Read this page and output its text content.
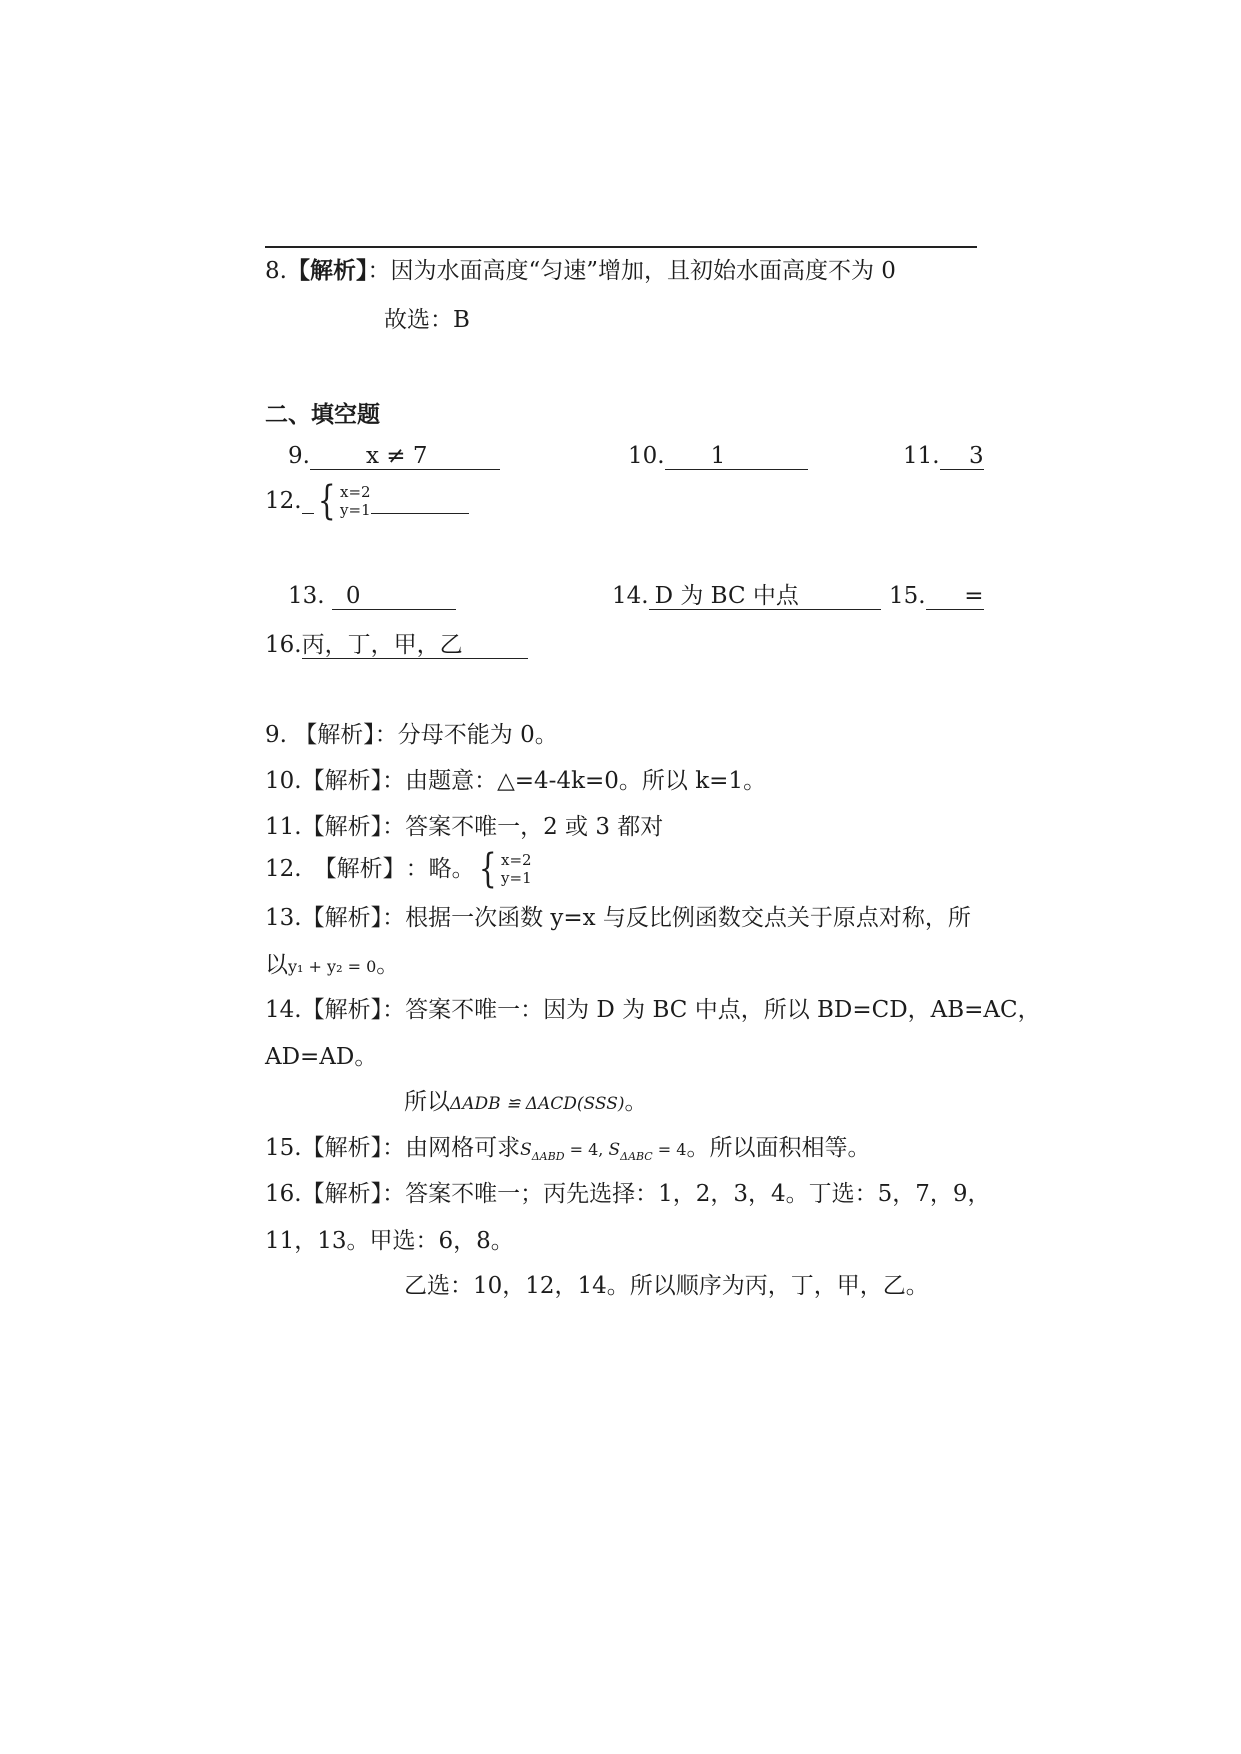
8.【解析】：因为水面高度“匀速”增加，且初始水面高度不为 0
故选：B
二、填空题
9. x ≠ 7	10. 1	11. 3
12. { x=2
y=1
13. 0	14. D 为 BC 中点	15. =
16.丙，丁，甲，乙
9. 【解析】：分母不能为 0。
10.【解析】：由题意：△=4-4k=0。所以 k=1。
11.【解析】：答案不唯一，2 或 3 都对
12. 【解析】 ：略。 { x=2
y=1
13.【解析】：根据一次函数 y=x 与反比例函数交点关于原点对称，所
以y₁ + y₂ = 0。
14.【解析】：答案不唯一：因为 D 为 BC 中点，所以 BD=CD，AB=AC，
AD=AD。
所以ΔADB ≌ ΔACD(SSS)。
15.【解析】：由网格可求$S_{\Delta ABD} = 4$, $S_{\Delta ABC} = 4$。所以面积相等。
16.【解析】：答案不唯一；丙先选择：1，2，3，4。丁选：5，7，9，
11，13。甲选：6，8。
乙选：10，12，14。所以顺序为丙，丁，甲，乙。
